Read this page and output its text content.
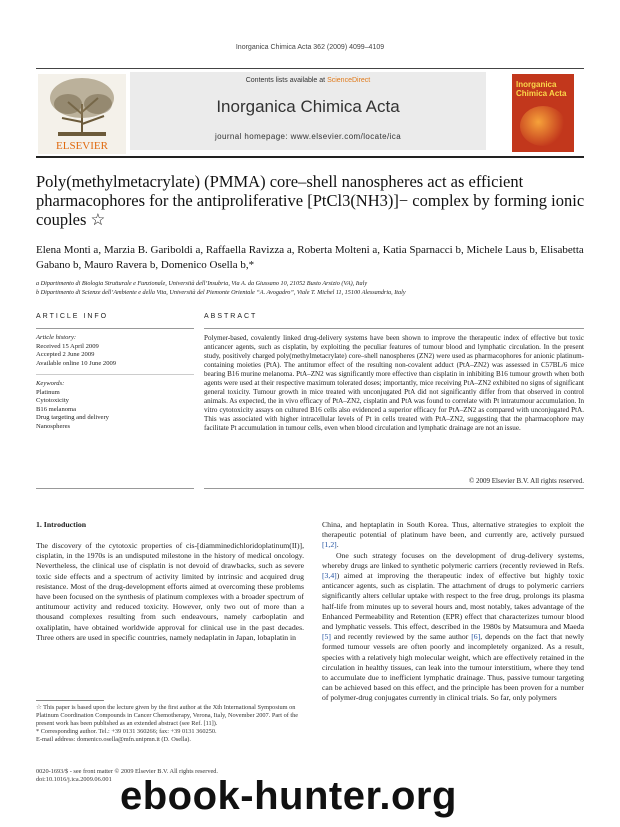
Inorganica Chimica Acta 362 (2009) 4099–4109
ELSEVIER
Contents lists available at ScienceDirect
Inorganica Chimica Acta
journal homepage: www.elsevier.com/locate/ica
Inorganica Chimica Acta
Poly(methylmetacrylate) (PMMA) core–shell nanospheres act as efficient pharmacophores for the antiproliferative [PtCl3(NH3)]− complex by forming ionic couples ☆
Elena Monti a, Marzia B. Gariboldi a, Raffaella Ravizza a, Roberta Molteni a, Katia Sparnacci b, Michele Laus b, Elisabetta Gabano b, Mauro Ravera b, Domenico Osella b,*
a Dipartimento di Biologia Strutturale e Funzionale, Università dell’Insubria, Via A. da Giussano 10, 21052 Busto Arsizio (VA), Italy
b Dipartimento di Scienze dell’Ambiente e della Vita, Università del Piemonte Orientale “A. Avogadro”, Viale T. Michel 11, 15100 Alessandria, Italy
ARTICLE INFO	ABSTRACT
Article history:
Received 15 April 2009
Accepted 2 June 2009
Available online 10 June 2009
Keywords:
Platinum
Cytotoxicity
B16 melanoma
Drug targeting and delivery
Nanospheres
Polymer-based, covalently linked drug-delivery systems have been shown to improve the therapeutic index of effective but toxic anticancer agents, such as cisplatin, by exploiting the peculiar features of tumour blood and lymphatic circulation. In the present study, positively charged poly(methylmetacrylate) core–shell nanospheres (ZN2) were used as pharmacophores for anionic platinum-containing moieties (PtA). The antitumor effect of the resulting non-covalent adduct (PtA–ZN2) was assessed in C57BL/6 mice bearing B16 murine melanoma. PtA–ZN2 was significantly more effective than cisplatin in inhibiting B16 tumour growth when both agents were used at their respective maximum tolerated doses; importantly, mice receiving PtA–ZN2 exhibited no signs of significant general toxicity. Tumour growth in mice treated with unconjugated PtA did not significantly differ from that observed in control animals. As expected, the in vivo efficacy of PtA–ZN2, cisplatin and PtA was found to correlate with Pt intratumour accumulation. In vitro cytotoxicity assays on cultured B16 cells also evidenced a superior efficacy for PtA–ZN2 as compared with unconjugated PtA. This was associated with higher intracellular levels of Pt in cells treated with PtA–ZN2, suggesting that the pharmacophore may facilitate Pt accumulation in tumour cells, even when blood circulation and lymphatic drainage are not an issue.
© 2009 Elsevier B.V. All rights reserved.
1. Introduction
The discovery of the cytotoxic properties of cis-[diamminedichloridoplatinum(II)], cisplatin, in the 1970s is an undisputed milestone in the history of medical oncology. Nevertheless, the clinical use of cisplatin is not devoid of drawbacks, such as severe toxic side effects and a spectrum of activity limited by intrinsic and acquired drug resistance. Most of the drug-development efforts aimed at overcoming these problems have been focused on the synthesis of platinum complexes with a broader spectrum of antitumour activity and reduced toxicity. However, only two out of more than a thousand complexes resulting from such endeavours, namely carboplatin and oxaliplatin, have obtained worldwide approval for clinical use in the past decades. Three others are used in specific countries, namely nedaplatin in Japan, lobaplatin in
China, and heptaplatin in South Korea. Thus, alternative strategies to exploit the therapeutic potential of platinum have been, and currently are, actively pursued [1,2].
One such strategy focuses on the development of drug-delivery systems, whereby drugs are linked to synthetic polymeric carriers (recently reviewed in Refs. [3,4]) aimed at improving the therapeutic index of effective but highly toxic anticancer agents, such as cisplatin. The attachment of drugs to polymeric carriers significantly alters cellular uptake with respect to the free drug, prolongs its plasma half-life from minutes up to several hours and, most notably, takes advantage of the Enhanced Permeability and Retention (EPR) effect that characterizes tumour blood and lymphatic vessels. This effect, described in the 1980s by Matsumura and Maeda [5] and recently reviewed by the same author [6], depends on the fact that newly formed tumour vessels are often poorly and incompletely organized. As a result, species with a relatively high molecular weight, which are effectively retained in the circulation in healthy tissues, can leak into the tumour interstitium, where they tend to accumulate due to inefficient lymphatic drainage. Thus, passive tumour targeting can be achieved based on this effect, and the principle has been proven for a number of polymer-drug conjugates currently in clinical trials. So far, only polymers
☆ This paper is based upon the lecture given by the first author at the Xth International Symposium on Platinum Coordination Compounds in Cancer Chemotherapy, Verona, Italy, November 2007. Part of the present work has been published as an extended abstract (see Ref. [11]).
* Corresponding author. Tel.: +39 0131 360266; fax: +39 0131 360250.
E-mail address: domenico.osella@mfn.unipmn.it (D. Osella).
0020-1693/$ - see front matter © 2009 Elsevier B.V. All rights reserved.
doi:10.1016/j.ica.2009.06.001 ebook-hunter.org
